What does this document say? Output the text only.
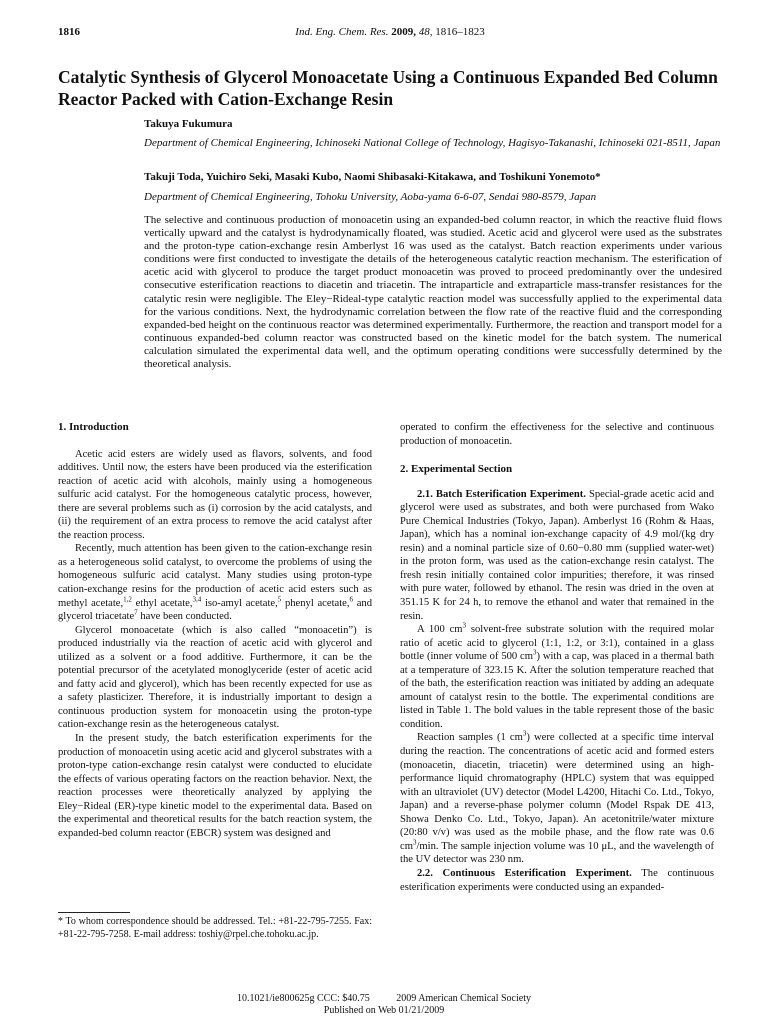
1816	Ind. Eng. Chem. Res. 2009, 48, 1816–1823
Catalytic Synthesis of Glycerol Monoacetate Using a Continuous Expanded Bed Column Reactor Packed with Cation-Exchange Resin
Takuya Fukumura
Department of Chemical Engineering, Ichinoseki National College of Technology, Hagisyo-Takanashi, Ichinoseki 021-8511, Japan
Takuji Toda, Yuichiro Seki, Masaki Kubo, Naomi Shibasaki-Kitakawa, and Toshikuni Yonemoto*
Department of Chemical Engineering, Tohoku University, Aoba-yama 6-6-07, Sendai 980-8579, Japan
The selective and continuous production of monoacetin using an expanded-bed column reactor, in which the reactive fluid flows vertically upward and the catalyst is hydrodynamically floated, was studied. Acetic acid and glycerol were used as the substrates and the proton-type cation-exchange resin Amberlyst 16 was used as the catalyst. Batch reaction experiments under various conditions were first conducted to investigate the details of the heterogeneous catalytic reaction mechanism. The esterification of acetic acid with glycerol to produce the target product monoacetin was proved to proceed predominantly over the undesired consecutive esterification reactions to diacetin and triacetin. The intraparticle and extraparticle mass-transfer resistances for the catalytic resin were negligible. The Eley−Rideal-type catalytic reaction model was successfully applied to the experimental data for the various conditions. Next, the hydrodynamic correlation between the flow rate of the reactive fluid and the corresponding expanded-bed height on the continuous reactor was determined experimentally. Furthermore, the reaction and transport model for a continuous expanded-bed column reactor was constructed based on the kinetic model for the batch system. The numerical calculation simulated the experimental data well, and the optimum operating conditions were successfully determined by the theoretical analysis.

1. Introduction

Acetic acid esters are widely used as flavors, solvents, and food additives. Until now, the esters have been produced via the esterification reaction of acetic acid with alcohols, mainly using a homogeneous sulfuric acid catalyst. For the homogeneous catalytic process, however, there are several problems such as (i) corrosion by the acid catalysts, and (ii) the requirement of an extra process to remove the acid catalyst after the reaction process.

Recently, much attention has been given to the cation-exchange resin as a heterogeneous solid catalyst, to overcome the problems of using the homogeneous sulfuric acid catalyst. Many studies using proton-type cation-exchange resins for the production of acetic acid esters such as methyl acetate,$^{1,2}$ ethyl acetate,$^{3,4}$ iso-amyl acetate,$^5$ phenyl acetate,$^6$ and glycerol triacetate$^7$ have been conducted.

Glycerol monoacetate (which is also called “monoacetin”) is produced industrially via the reaction of acetic acid with glycerol and utilized as a solvent or a food additive. Furthermore, it can be the potential precursor of the acetylated monoglyceride (ester of acetic acid and fatty acid and glycerol), which has been recently expected for use as a safety plasticizer. Therefore, it is industrially important to design a continuous production system for monoacetin using the proton-type cation-exchange resin as the heterogeneous catalyst.

In the present study, the batch esterification experiments for the production of monoacetin using acetic acid and glycerol substrates with a proton-type cation-exchange resin catalyst were conducted to elucidate the effects of various operating factors on the reaction behavior. Next, the reaction processes were theoretically analyzed by applying the Eley−Rideal (ER)-type kinetic model to the experimental data. Based on the experimental and theoretical results for the batch reaction system, the expanded-bed column reactor (EBCR) system was designed and

operated to confirm the effectiveness for the selective and continuous production of monoacetin.

2. Experimental Section

2.1. Batch Esterification Experiment. Special-grade acetic acid and glycerol were used as substrates, and both were purchased from Wako Pure Chemical Industries (Tokyo, Japan). Amberlyst 16 (Rohm & Haas, Japan), which has a nominal ion-exchange capacity of 4.9 mol/(kg dry resin) and a nominal particle size of 0.60−0.80 mm (supplied water-wet) in the proton form, was used as the cation-exchange resin catalyst. The fresh resin initially contained color impurities; therefore, it was rinsed with pure water, followed by ethanol. The resin was dried in the oven at 351.15 K for 24 h, to remove the ethanol and water that remained in the resin.

A 100 $cm^3$ solvent-free substrate solution with the required molar ratio of acetic acid to glycerol (1:1, 1:2, or 3:1), contained in a glass bottle (inner volume of 500 $cm^3$) with a cap, was placed in a thermal bath at a temperature of 323.15 K. After the solution temperature reached that of the bath, the esterification reaction was initiated by adding an adequate amount of catalyst resin to the bottle. The experimental conditions are listed in Table 1. The bold values in the table represent those of the basic condition.

Reaction samples (1 $cm^3$) were collected at a specific time interval during the reaction. The concentrations of acetic acid and formed esters (monoacetin, diacetin, triacetin) were determined using an high-performance liquid chromatography (HPLC) system that was equipped with an ultraviolet (UV) detector (Model L4200, Hitachi Co. Ltd., Tokyo, Japan) and a reverse-phase polymer column (Model Rspak DE 413, Showa Denko Co. Ltd., Tokyo, Japan). An acetonitrile/water mixture (20:80 v/v) was used as the mobile phase, and the flow rate was 0.6 $cm^3/\min$. The sample injection volume was 10 μL, and the wavelength of the UV detector was 230 nm.

2.2. Continuous Esterification Experiment. The continuous esterification experiments were conducted using an expanded-

* To whom correspondence should be addressed. Tel.: +81-22-795-7255. Fax: +81-22-795-7258. E-mail address: toshiy@rpel.che.tohoku.ac.jp.
10.1021/ie800625g CCC: $40.75	2009 American Chemical Society
Published on Web 01/21/2009
